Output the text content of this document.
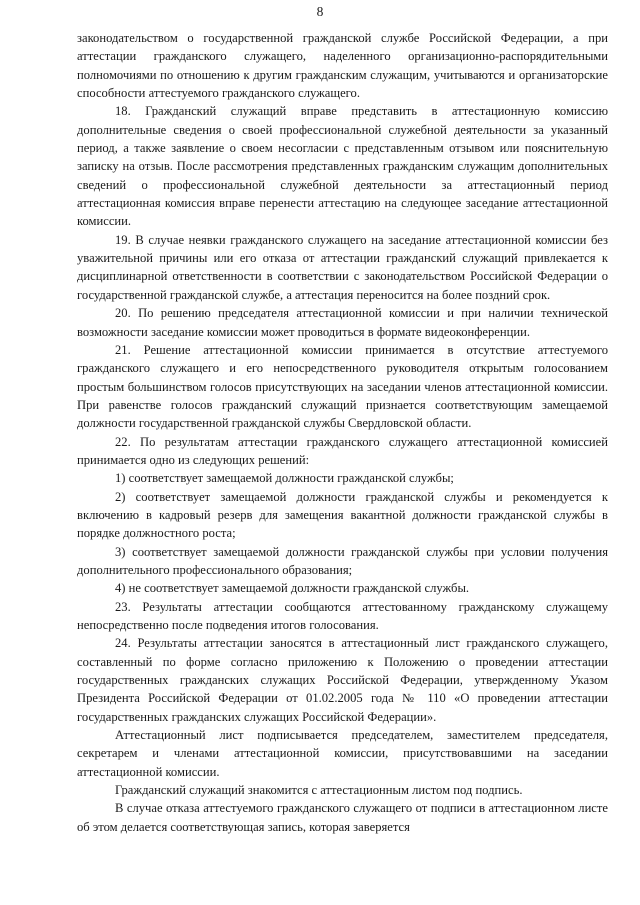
8

законодательством о государственной гражданской службе Российской Федерации, а при аттестации гражданского служащего, наделенного организационно-распорядительными полномочиями по отношению к другим гражданским служащим, учитываются и организаторские способности аттестуемого гражданского служащего.

18. Гражданский служащий вправе представить в аттестационную комиссию дополнительные сведения о своей профессиональной служебной деятельности за указанный период, а также заявление о своем несогласии с представленным отзывом или пояснительную записку на отзыв. После рассмотрения представленных гражданским служащим дополнительных сведений о профессиональной служебной деятельности за аттестационный период аттестационная комиссия вправе перенести аттестацию на следующее заседание аттестационной комиссии.

19. В случае неявки гражданского служащего на заседание аттестационной комиссии без уважительной причины или его отказа от аттестации гражданский служащий привлекается к дисциплинарной ответственности в соответствии с законодательством Российской Федерации о государственной гражданской службе, а аттестация переносится на более поздний срок.

20. По решению председателя аттестационной комиссии и при наличии технической возможности заседание комиссии может проводиться в формате видеоконференции.

21. Решение аттестационной комиссии принимается в отсутствие аттестуемого гражданского служащего и его непосредственного руководителя открытым голосованием простым большинством голосов присутствующих на заседании членов аттестационной комиссии. При равенстве голосов гражданский служащий признается соответствующим замещаемой должности государственной гражданской службы Свердловской области.

22. По результатам аттестации гражданского служащего аттестационной комиссией принимается одно из следующих решений:

1) соответствует замещаемой должности гражданской службы;

2) соответствует замещаемой должности гражданской службы и рекомендуется к включению в кадровый резерв для замещения вакантной должности гражданской службы в порядке должностного роста;

3) соответствует замещаемой должности гражданской службы при условии получения дополнительного профессионального образования;

4) не соответствует замещаемой должности гражданской службы.

23. Результаты аттестации сообщаются аттестованному гражданскому служащему непосредственно после подведения итогов голосования.

24. Результаты аттестации заносятся в аттестационный лист гражданского служащего, составленный по форме согласно приложению к Положению о проведении аттестации государственных гражданских служащих Российской Федерации, утвержденному Указом Президента Российской Федерации от 01.02.2005 года № 110 «О проведении аттестации государственных гражданских служащих Российской Федерации».

Аттестационный лист подписывается председателем, заместителем председателя, секретарем и членами аттестационной комиссии, присутствовавшими на заседании аттестационной комиссии.

Гражданский служащий знакомится с аттестационным листом под подпись.

В случае отказа аттестуемого гражданского служащего от подписи в аттестационном листе об этом делается соответствующая запись, которая заверяется
